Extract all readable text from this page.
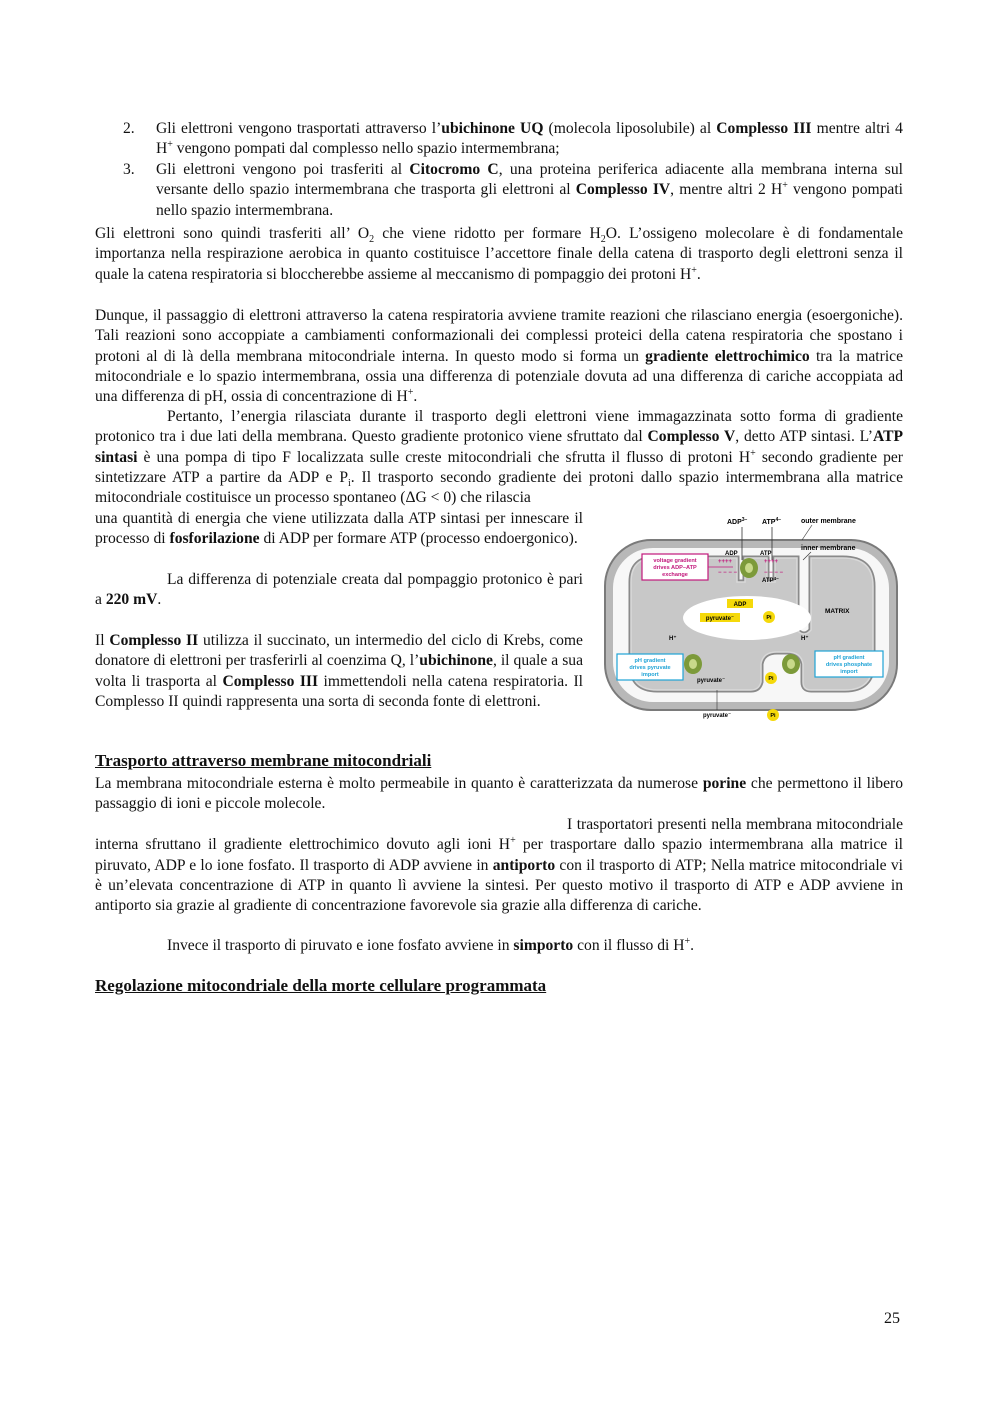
2. Gli elettroni vengono trasportati attraverso l’ubichinone UQ (molecola liposolubile) al Complesso III mentre altri 4 H+ vengono pompati dal complesso nello spazio intermembrana;
3. Gli elettroni vengono poi trasferiti al Citocromo C, una proteina periferica adiacente alla membrana interna sul versante dello spazio intermembrana che trasporta gli elettroni al Complesso IV, mentre altri 2 H+ vengono pompati nello spazio intermembrana.

Gli elettroni sono quindi trasferiti all’ $O_2$ che viene ridotto per formare $H_2O$. L’ossigeno molecolare è di fondamentale importanza nella respirazione aerobica in quanto costituisce l’accettore finale della catena di trasporto degli elettroni senza il quale la catena respiratoria si bloccherebbe assieme al meccanismo di pompaggio dei protoni H+.

Dunque, il passaggio di elettroni attraverso la catena respiratoria avviene tramite reazioni che rilasciano energia (esoergoniche). Tali reazioni sono accoppiate a cambiamenti conformazionali dei complessi proteici della catena respiratoria che spostano i protoni al di là della membrana mitocondriale interna. In questo modo si forma un gradiente elettrochimico tra la matrice mitocondriale e lo spazio intermembrana, ossia una differenza di potenziale dovuta ad una differenza di cariche accoppiata ad una differenza di pH, ossia di concentrazione di H+.

Pertanto, l’energia rilasciata durante il trasporto degli elettroni viene immagazzinata sotto forma di gradiente protonico tra i due lati della membrana. Questo gradiente protonico viene sfruttato dal Complesso V, detto ATP sintasi. L’ATP sintasi è una pompa di tipo F localizzata sulle creste mitocondriali che sfrutta il flusso di protoni H+ secondo gradiente per sintetizzare ATP a partire da ADP e $P_i$. Il trasporto secondo gradiente dei protoni dallo spazio intermembrana alla matrice mitocondriale costituisce un processo spontaneo (ΔG < 0) che rilascia

una quantità di energia che viene utilizzata dalla ATP sintasi per innescare il processo di fosforilazione di ADP per formare ATP (processo endoergonico).

La differenza di potenziale creata dal pompaggio protonico è pari a 220 mV.

Il Complesso II utilizza il succinato, un intermedio del ciclo di Krebs, come donatore di elettroni per trasferirli al coenzima Q, l’ubichinone, il quale a sua volta li trasporta al Complesso III immettendoli nella catena respiratoria. Il Complesso II quindi rappresenta una sorta di seconda fonte di elettroni.

$ADP^{3-}$ $ATP^{4-}$	outer membrane
inner membrane
voltage gradient
drives ADP–ATP
exchange
ADP	ATP
++++	++++
− − − −	− − − −
$ATP^{4-}$
MATRIX
ADP
pyruvate⁻	Pi
H⁺	H⁺
pH gradient
drives pyruvate
import
pH gradient
drives phosphate
import
pyruvate⁻	Pi
pyruvate⁻	Pi
Trasporto attraverso membrane mitocondriali

La membrana mitocondriale esterna è molto permeabile in quanto è caratterizzata da numerose porine che permettono il libero passaggio di ioni e piccole molecole.

I trasportatori presenti nella membrana mitocondriale interna sfruttano il gradiente elettrochimico dovuto agli ioni H+ per trasportare dallo spazio intermembrana alla matrice il piruvato, ADP e lo ione fosfato. Il trasporto di ADP avviene in antiporto con il trasporto di ATP; Nella matrice mitocondriale vi è un’elevata concentrazione di ATP in quanto lì avviene la sintesi. Per questo motivo il trasporto di ATP e ADP avviene in antiporto sia grazie al gradiente di concentrazione favorevole sia grazie alla differenza di cariche.

Invece il trasporto di piruvato e ione fosfato avviene in simporto con il flusso di H+.

Regolazione mitocondriale della morte cellulare programmata
25
